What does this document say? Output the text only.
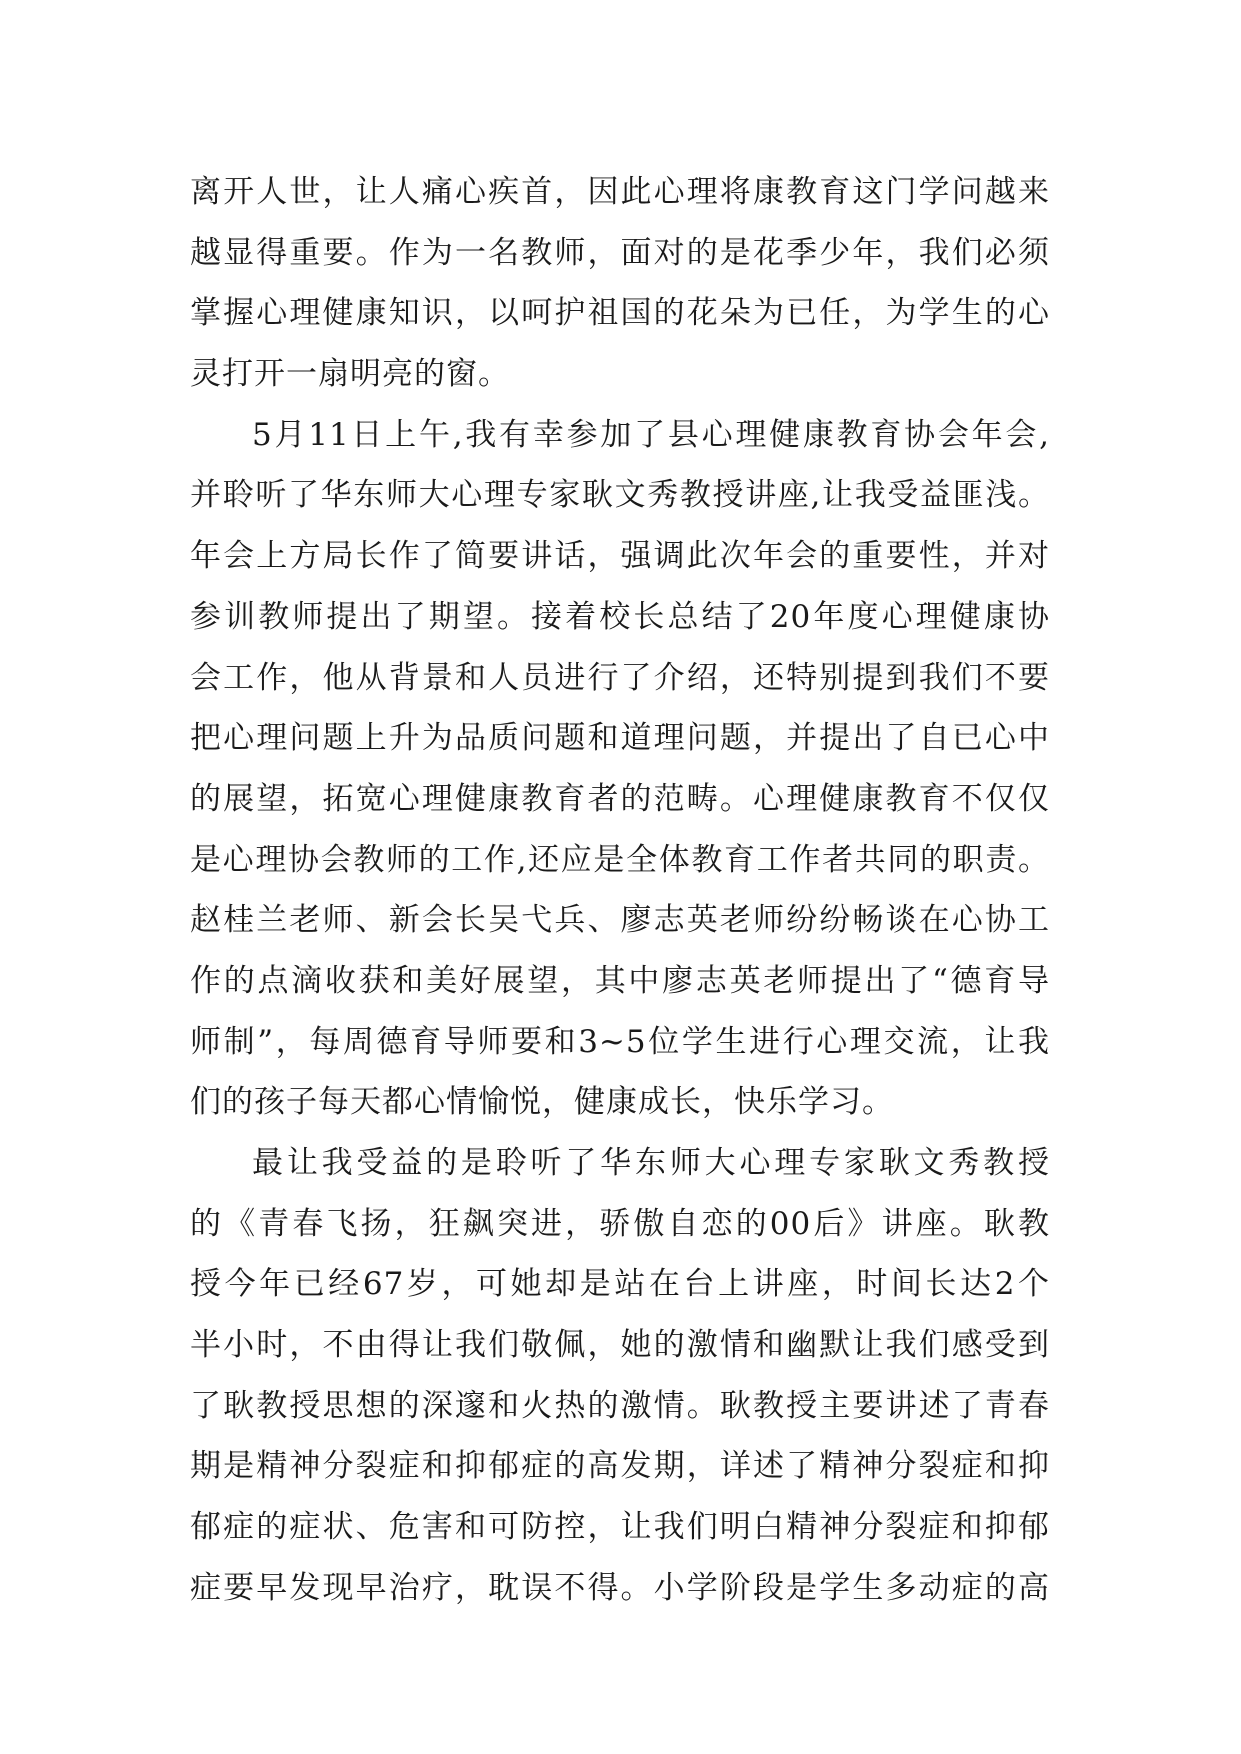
离开人世，让人痛心疾首，因此心理将康教育这门学问越来
越显得重要。作为一名教师，面对的是花季少年，我们必须
掌握心理健康知识，以呵护祖国的花朵为已任，为学生的心
灵打开一扇明亮的窗。
5月11日上午,我有幸参加了县心理健康教育协会年会,
并聆听了华东师大心理专家耿文秀教授讲座,让我受益匪浅。
年会上方局长作了简要讲话，强调此次年会的重要性，并对
参训教师提出了期望。接着校长总结了20年度心理健康协
会工作，他从背景和人员进行了介绍，还特别提到我们不要
把心理问题上升为品质问题和道理问题，并提出了自已心中
的展望，拓宽心理健康教育者的范畴。心理健康教育不仅仅
是心理协会教师的工作,还应是全体教育工作者共同的职责。
赵桂兰老师、新会长吴弋兵、廖志英老师纷纷畅谈在心协工
作的点滴收获和美好展望，其中廖志英老师提出了“德育导
师制”，每周德育导师要和3~5位学生进行心理交流，让我
们的孩子每天都心情愉悦，健康成长，快乐学习。
最让我受益的是聆听了华东师大心理专家耿文秀教授
的《青春飞扬，狂飙突进，骄傲自恋的00后》讲座。耿教
授今年已经67岁，可她却是站在台上讲座，时间长达2个
半小时，不由得让我们敬佩，她的激情和幽默让我们感受到
了耿教授思想的深邃和火热的激情。耿教授主要讲述了青春
期是精神分裂症和抑郁症的高发期，详述了精神分裂症和抑
郁症的症状、危害和可防控，让我们明白精神分裂症和抑郁
症要早发现早治疗，耽误不得。小学阶段是学生多动症的高
